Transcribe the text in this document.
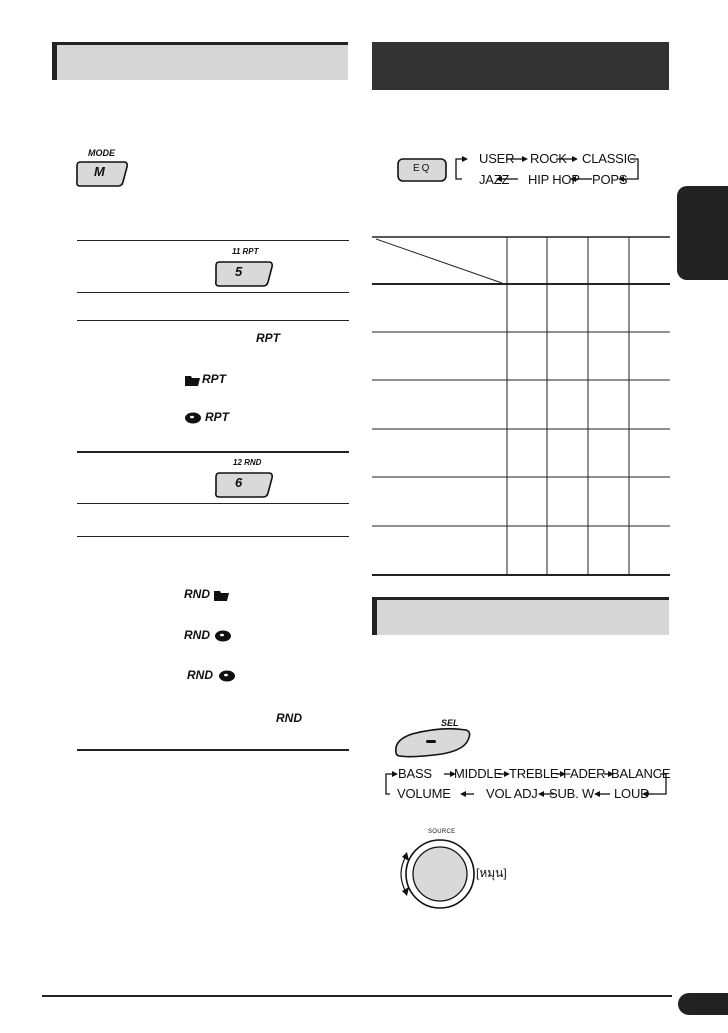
MODE
M
11 RPT
5
RPT
RPT
RPT
12 RND
6
RND
RND
RND
RND
EQ
USER ROCK CLASSIC
JAZZ HIP HOP POPS
SEL
BASS MIDDLE TREBLE FADER BALANCE
VOLUME	VOL ADJ SUB. W LOUD
SOURCE
[หมุน]
